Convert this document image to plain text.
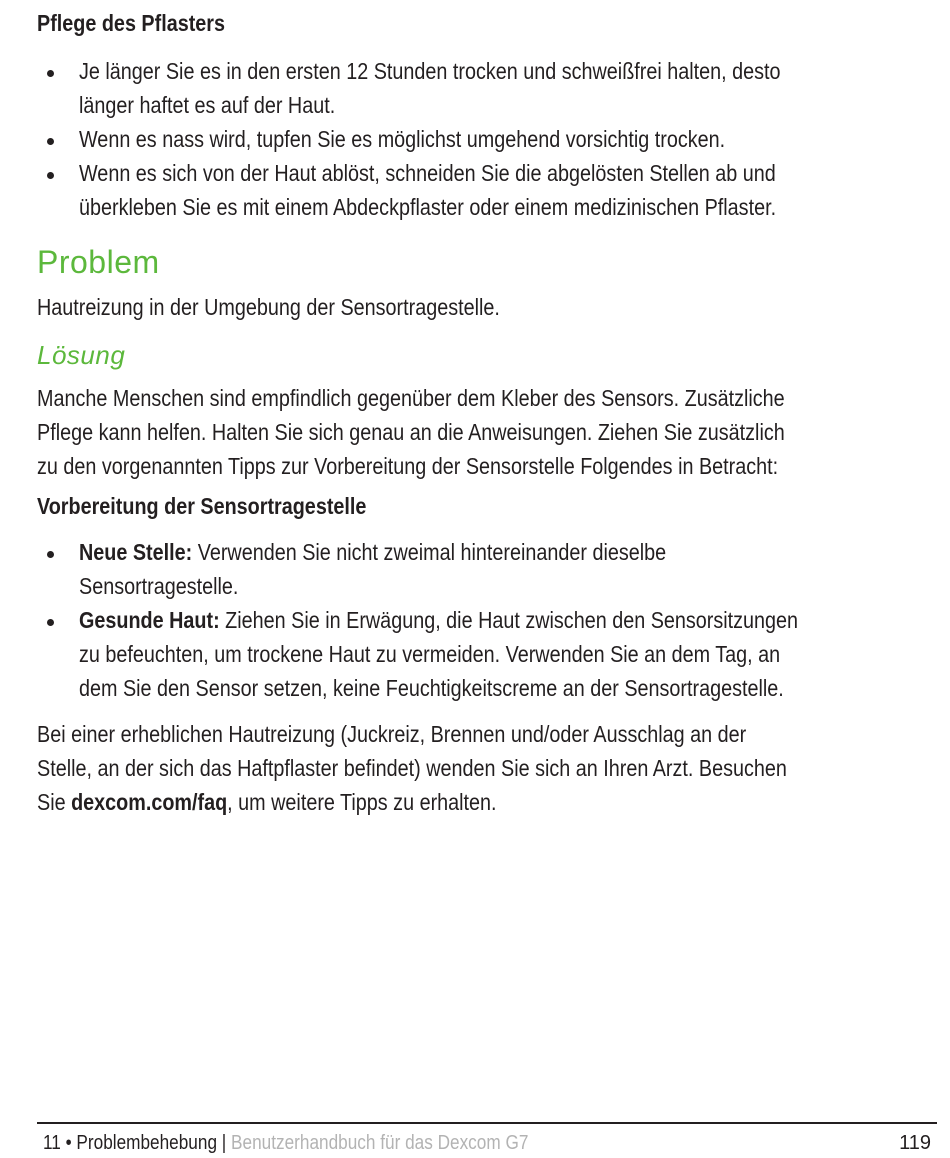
Pflege des Pflasters
Je länger Sie es in den ersten 12 Stunden trocken und schweißfrei halten, desto
länger haftet es auf der Haut.
Wenn es nass wird, tupfen Sie es möglichst umgehend vorsichtig trocken.
Wenn es sich von der Haut ablöst, schneiden Sie die abgelösten Stellen ab und
überkleben Sie es mit einem Abdeckpflaster oder einem medizinischen Pflaster.
Problem
Hautreizung in der Umgebung der Sensortragestelle.
Lösung
Manche Menschen sind empfindlich gegenüber dem Kleber des Sensors. Zusätzliche
Pflege kann helfen. Halten Sie sich genau an die Anweisungen. Ziehen Sie zusätzlich
zu den vorgenannten Tipps zur Vorbereitung der Sensorstelle Folgendes in Betracht:
Vorbereitung der Sensortragestelle
Neue Stelle: Verwenden Sie nicht zweimal hintereinander dieselbe
Sensortragestelle.
Gesunde Haut: Ziehen Sie in Erwägung, die Haut zwischen den Sensorsitzungen
zu befeuchten, um trockene Haut zu vermeiden. Verwenden Sie an dem Tag, an
dem Sie den Sensor setzen, keine Feuchtigkeitscreme an der Sensortragestelle.
Bei einer erheblichen Hautreizung (Juckreiz, Brennen und/oder Ausschlag an der
Stelle, an der sich das Haftpflaster befindet) wenden Sie sich an Ihren Arzt. Besuchen
Sie dexcom.com/faq, um weitere Tipps zu erhalten.
11 • Problembehebung | Benutzerhandbuch für das Dexcom G7	119
